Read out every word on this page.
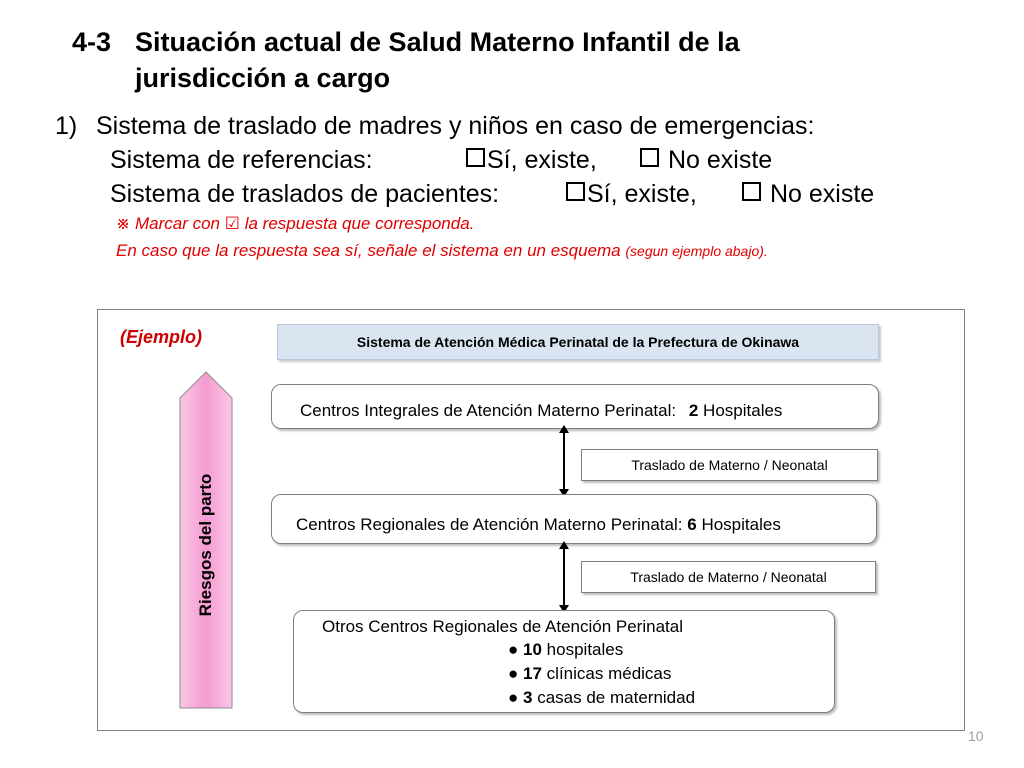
4-3 Situación actual de Salud Materno Infantil de la
jurisdicción a cargo
1) Sistema de traslado de madres y niños en caso de emergencias:
Sistema de referencias:	Sí, existe,	No existe
Sistema de traslados de pacientes:	Sí, existe,	No existe
※ Marcar con ☑ la respuesta que corresponda.
En caso que la respuesta sea sí, señale el sistema en un esquema (segun ejemplo abajo).
(Ejemplo)	Sistema de Atención Médica Perinatal de la Prefectura de Okinawa
Riesgos del parto
Centros Integrales de Atención Materno Perinatal: 2 Hospitales
Traslado de Materno / Neonatal
Centros Regionales de Atención Materno Perinatal: 6 Hospitales
Traslado de Materno / Neonatal
Otros Centros Regionales de Atención Perinatal
● 10 hospitales
● 17 clínicas médicas
● 3 casas de maternidad
10
